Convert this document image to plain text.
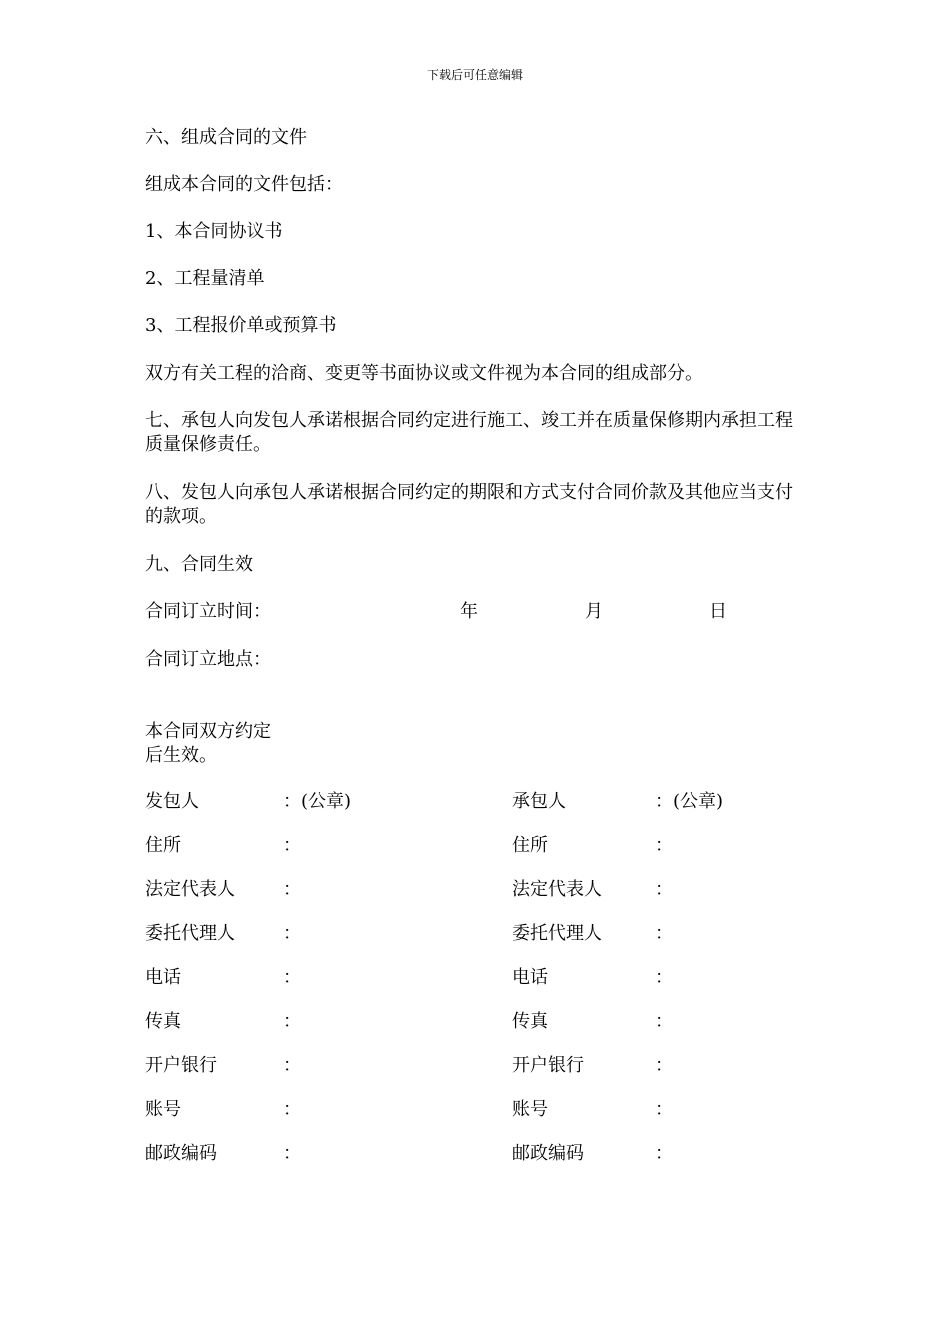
下载后可任意编辑

六、组成合同的文件

组成本合同的文件包括：

1、本合同协议书

2、工程量清单

3、工程报价单或预算书

双方有关工程的洽商、变更等书面协议或文件视为本合同的组成部分。

七、承包人向发包人承诺根据合同约定进行施工、竣工并在质量保修期内承担工程质量保修责任。

八、发包人向承包人承诺根据合同约定的期限和方式支付合同价款及其他应当支付的款项。

九、合同生效

合同订立时间：	年	月	日
合同订立地点：
本合同双方约定
后生效。
发包人	：(公章)	承包人	：(公章)
住所	：	住所	：
法定代表人	：	法定代表人	：
委托代理人	：	委托代理人	：
电话	：	电话	：
传真	：	传真	：
开户银行	：	开户银行	：
账号	：	账号	：
邮政编码	：	邮政编码	：
